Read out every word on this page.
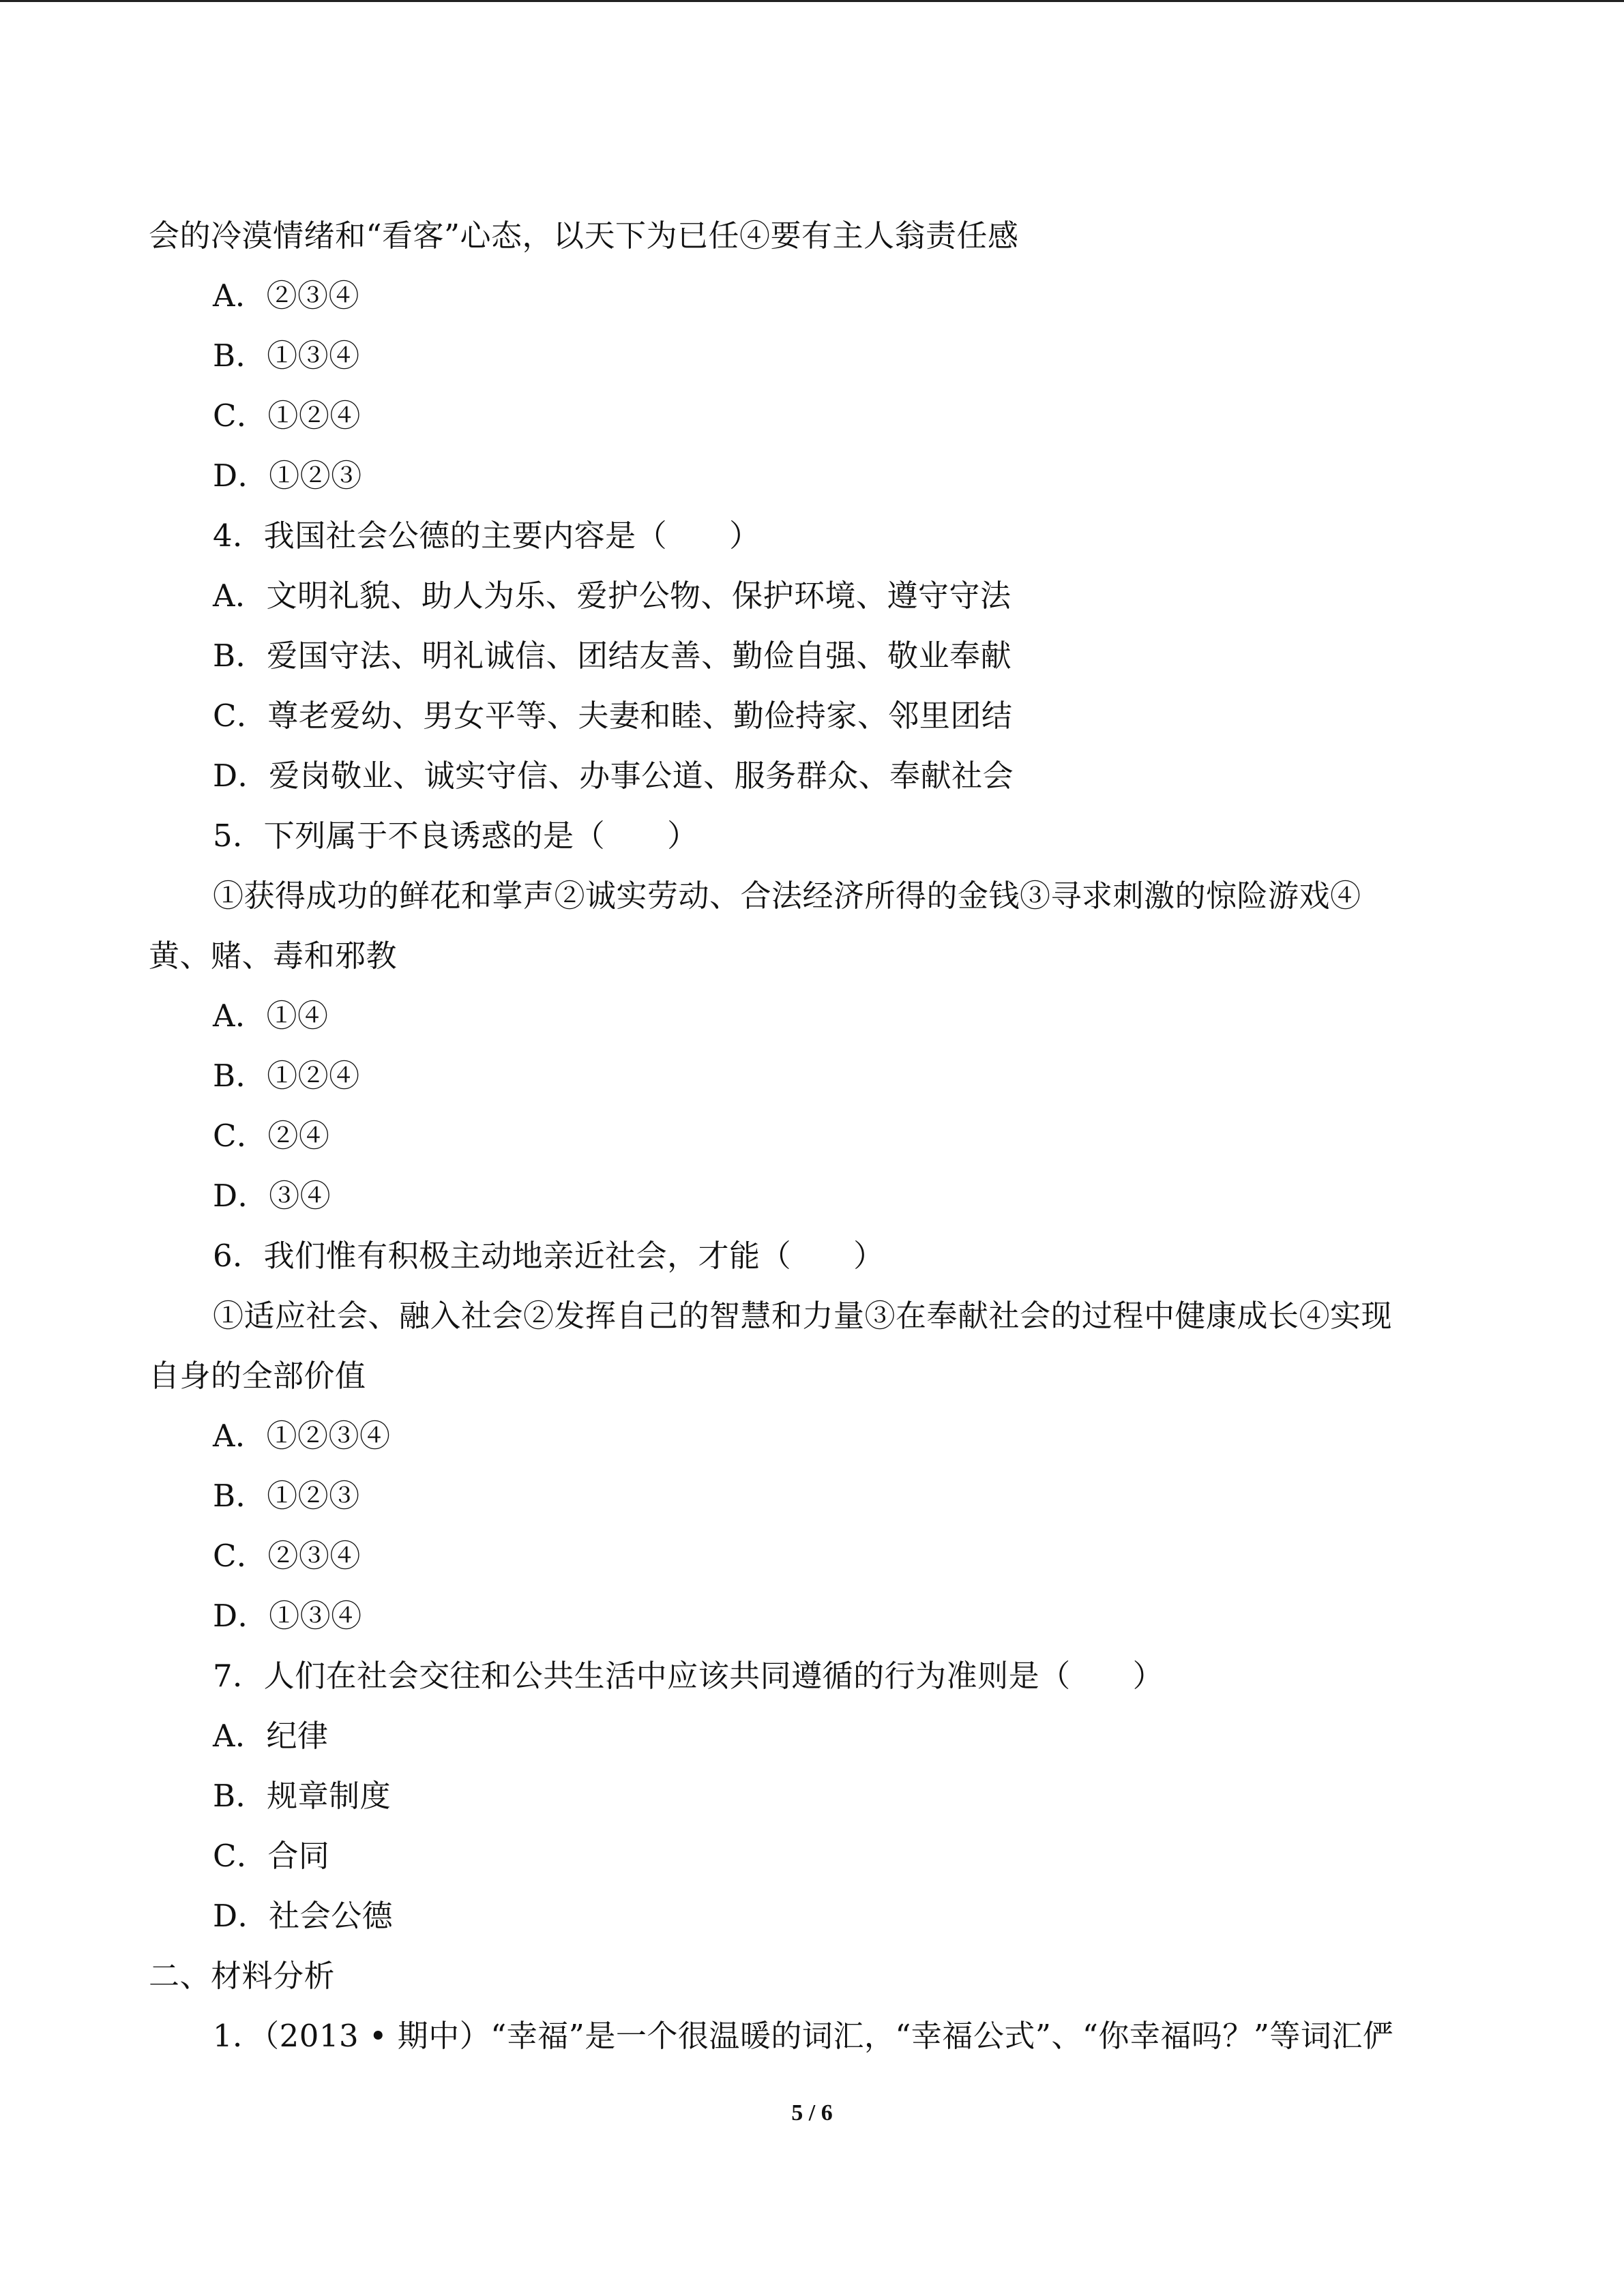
会的冷漠情绪和“看客”心态，以天下为已任④要有主人翁责任感
A．②③④
B．①③④
C．①②④
D．①②③
4．我国社会公德的主要内容是（　　）
A．文明礼貌、助人为乐、爱护公物、保护环境、遵守守法
B．爱国守法、明礼诚信、团结友善、勤俭自强、敬业奉献
C．尊老爱幼、男女平等、夫妻和睦、勤俭持家、邻里团结
D．爱岗敬业、诚实守信、办事公道、服务群众、奉献社会
5．下列属于不良诱惑的是（　　）
①获得成功的鲜花和掌声②诚实劳动、合法经济所得的金钱③寻求刺激的惊险游戏④
黄、赌、毒和邪教
A．①④
B．①②④
C．②④
D．③④
6．我们惟有积极主动地亲近社会，才能（　　）
①适应社会、融入社会②发挥自己的智慧和力量③在奉献社会的过程中健康成长④实现
自身的全部价值
A．①②③④
B．①②③
C．②③④
D．①③④
7．人们在社会交往和公共生活中应该共同遵循的行为准则是（　　）
A．纪律
B．规章制度
C．合同
D．社会公德
二、材料分析
1．（2013 • 期中）“幸福”是一个很温暖的词汇，“幸福公式”、“你幸福吗？”等词汇俨
5 / 6
